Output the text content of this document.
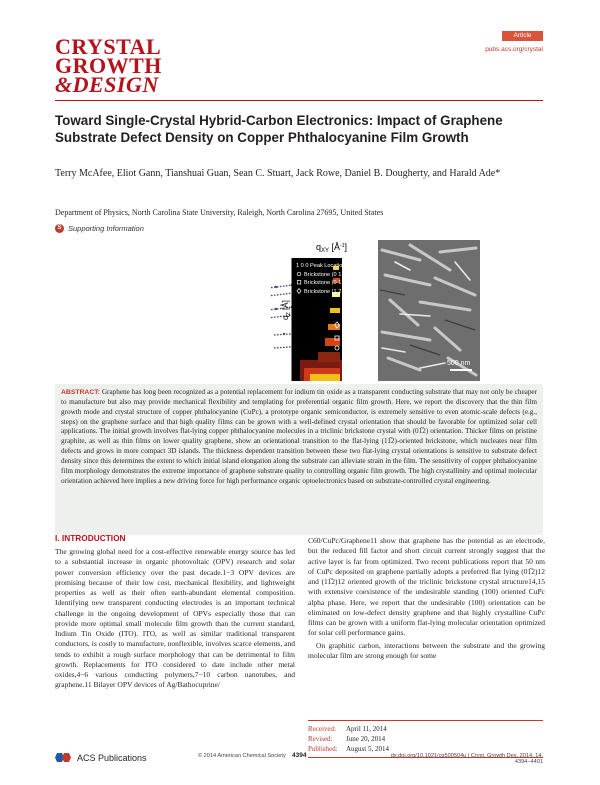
CRYSTAL
GROWTH
&DESIGN
Article
pubs.acs.org/crystal
Toward Single-Crystal Hybrid-Carbon Electronics: Impact of Graphene Substrate Defect Density on Copper Phthalocyanine Film Growth
Terry McAfee, Eliot Gann, Tianshuai Guan, Sean C. Stuart, Jack Rowe, Daniel B. Dougherty, and Harald Ade*
Department of Physics, North Carolina State University, Raleigh, North Carolina 27695, United States
S Supporting Information
$q_{XY}$ $[Å^{-1}]$
$q_Z$ [Å]
1 0 0 Peak Location
Brickstone (0 1 2)
Brickstone (0 1 2)
Brickstone (1 2 0)
500 nm
ABSTRACT: Graphene has long been recognized as a potential replacement for indium tin oxide as a transparent conducting substrate that may not only be cheaper to manufacture but also may provide mechanical flexibility and templating for preferential organic film growth. Here, we report the discovery that the thin film growth mode and crystal structure of copper phthalocyanine (CuPc), a prototype organic semiconductor, is extremely sensitive to even atomic-scale defects (e.g., steps) on the graphene surface and that high quality films can be grown with a well-defined crystal orientation that should be favorable for optimized solar cell applications. The initial growth involves flat-lying copper phthalocyanine molecules in a triclinic brickstone crystal with (01̅2) orientation. Thicker films on pristine graphite, as well as thin films on lower quality graphene, show an orientational transition to the flat-lying (11̅2)-oriented brickstone, which nucleates near film defects and grows in more compact 3D islands. The thickness dependent transition between these two flat-lying crystal orientations is sensitive to substrate defect density since this determines the extent to which initial island elongation along the substrate can alleviate strain in the film. The sensitivity of copper phthalocyanine film morphology demonstrates the extreme importance of graphene substrate quality to controlling organic film growth. The high crystallinity and optimal molecular orientation achieved here implies a new driving force for high performance organic optoelectronics based on substrate-controlled crystal engineering.
I. INTRODUCTION
The growing global need for a cost-effective renewable energy source has led to a substantial increase in organic photovoltaic (OPV) research and solar power conversion efficiency over the past decade.1−3 OPV devices are promising because of their low cost, mechanical flexibility, and lightweight properties as well as their often earth-abundant elemental composition. Identifying new transparent conducting electrodes is an important technical challenge in the ongoing development of OPVs especially those that can provide more optimal small molecule film growth than the current standard, Indium Tin Oxide (ITO). ITO, as well as similar traditional transparent conductors, is costly to manufacture, nonflexible, involves scarce elements, and tends to exhibit a rough surface morphology that can be detrimental to film growth. Replacements for ITO considered to date include other metal oxides,4−6 various conducting polymers,7−10 carbon nanotubes, and graphene.11 Bilayer OPV devices of Ag/Bathocuprine/
C60/CuPc/Graphene11 show that graphene has the potential as an electrode, but the reduced fill factor and short circuit current strongly suggest that the active layer is far from optimized. Two recent publications report that 50 nm of CuPc deposited on graphene partially adopts a preferred flat lying (01̅2)12 and (11̅2)12 oriented growth of the triclinic brickstone crystal structure14,15 with extensive coexistence of the undesirable standing (100) oriented CuPc alpha phase. Here, we report that the undesirable (100) orientation can be eliminated on low-defect density graphene and that highly crystalline CuPc films can be grown with a uniform flat-lying molecular orientation optimized for solar cell performance gains.
On graphitic carbon, interactions between the substrate and the growing molecular film are strong enough for some
Received: April 11, 2014
Revised: June 20, 2014
Published: August 5, 2014
ACS Publications	© 2014 American Chemical Society 4394	dx.doi.org/10.1021/cg500504u | Cryst. Growth Des. 2014, 14, 4394−4401
